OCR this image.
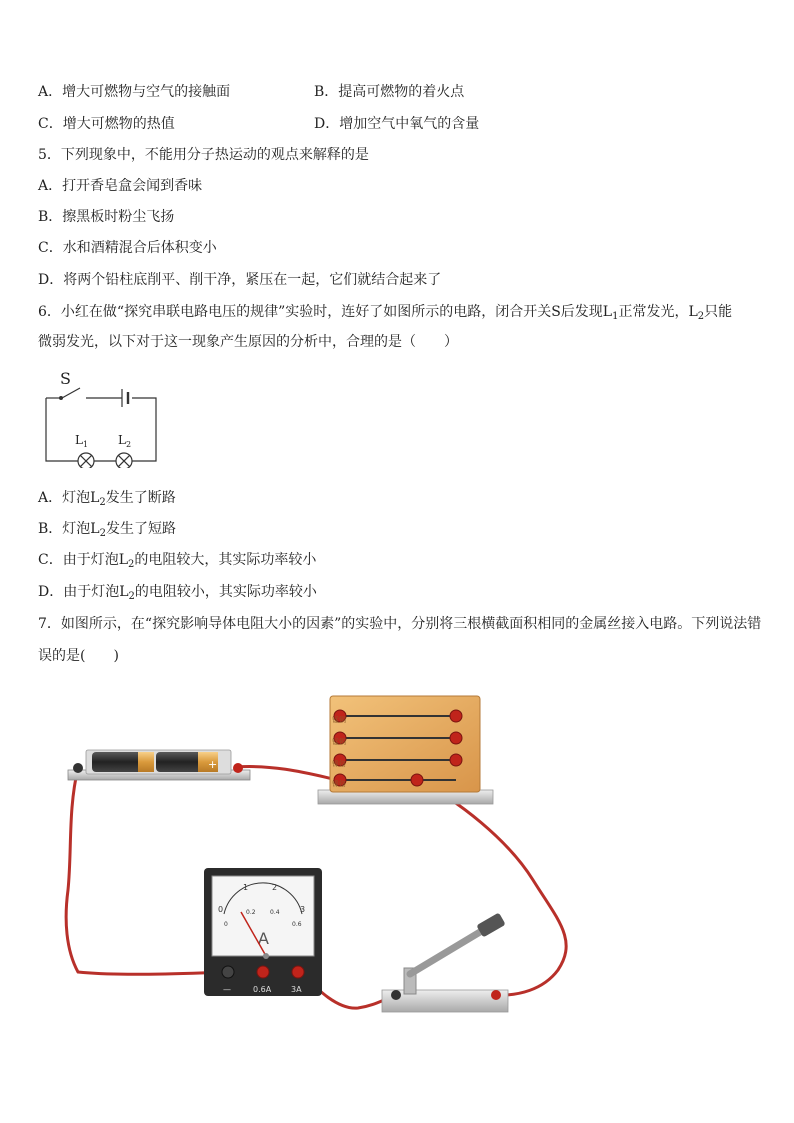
A．增大可燃物与空气的接触面	B．提高可燃物的着火点
C．增大可燃物的热值	D．增加空气中氧气的含量
5．下列现象中，不能用分子热运动的观点来解释的是
A．打开香皂盒会闻到香味
B．擦黑板时粉尘飞扬
C．水和酒精混合后体积变小
D．将两个铅柱底削平、削干净，紧压在一起，它们就结合起来了
6．小红在做“探究串联电路电压的规律”实验时，连好了如图所示的电路，闭合开关S后发现$L_1$正常发光，$L_2$只能
微弱发光，以下对于这一现象产生原因的分析中，合理的是（　　）
S
$L_1$ $L_2$
A．灯泡$L_2$发生了断路
B．灯泡$L_2$发生了短路
C．由于灯泡$L_2$的电阻较大，其实际功率较小
D．由于灯泡$L_2$的电阻较小，其实际功率较小
7．如图所示，在“探究影响导体电阻大小的因素”的实验中，分别将三根横截面积相同的金属丝接入电路。下列说法错
误的是(　　)
+
锰铜
锰铜
镍铬
镍铬
0
1	2
3
0
0.2 0.4
0.6
A
—	0.6A 3A
